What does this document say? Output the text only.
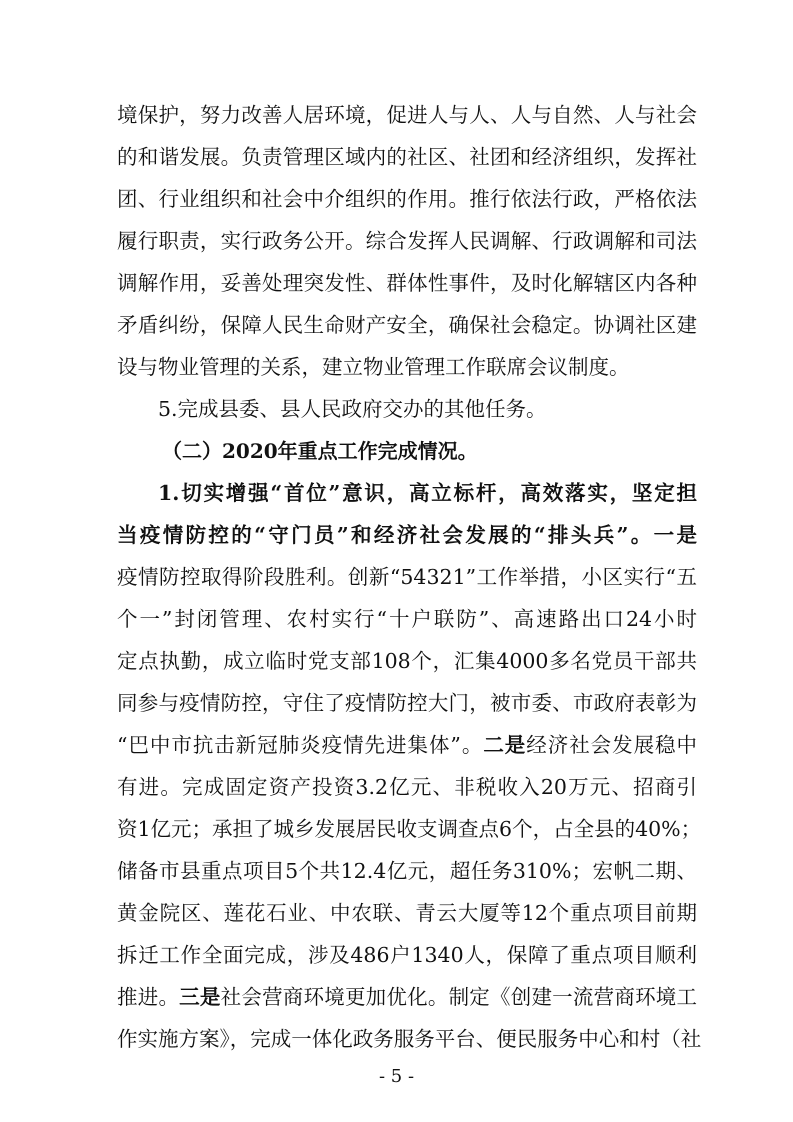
境保护，努力改善人居环境，促进人与人、人与自然、人与社会
的和谐发展。负责管理区域内的社区、社团和经济组织，发挥社
团、行业组织和社会中介组织的作用。推行依法行政，严格依法
履行职责，实行政务公开。综合发挥人民调解、行政调解和司法
调解作用，妥善处理突发性、群体性事件，及时化解辖区内各种
矛盾纠纷，保障人民生命财产安全，确保社会稳定。协调社区建
设与物业管理的关系，建立物业管理工作联席会议制度。
5.完成县委、县人民政府交办的其他任务。
（二）2020年重点工作完成情况。
1.切实增强“首位”意识，高立标杆，高效落实，坚定担
当疫情防控的“守门员”和经济社会发展的“排头兵”。一是
疫情防控取得阶段胜利。创新“54321”工作举措，小区实行“五
个一”封闭管理、农村实行“十户联防”、高速路出口24小时
定点执勤，成立临时党支部108个，汇集4000多名党员干部共
同参与疫情防控，守住了疫情防控大门，被市委、市政府表彰为
“巴中市抗击新冠肺炎疫情先进集体”。二是经济社会发展稳中
有进。完成固定资产投资3.2亿元、非税收入20万元、招商引
资1亿元；承担了城乡发展居民收支调查点6个，占全县的40%；
储备市县重点项目5个共12.4亿元，超任务310%；宏帆二期、
黄金院区、莲花石业、中农联、青云大厦等12个重点项目前期
拆迁工作全面完成，涉及486户1340人，保障了重点项目顺利
推进。三是社会营商环境更加优化。制定《创建一流营商环境工
作实施方案》，完成一体化政务服务平台、便民服务中心和村（社
- 5 -
